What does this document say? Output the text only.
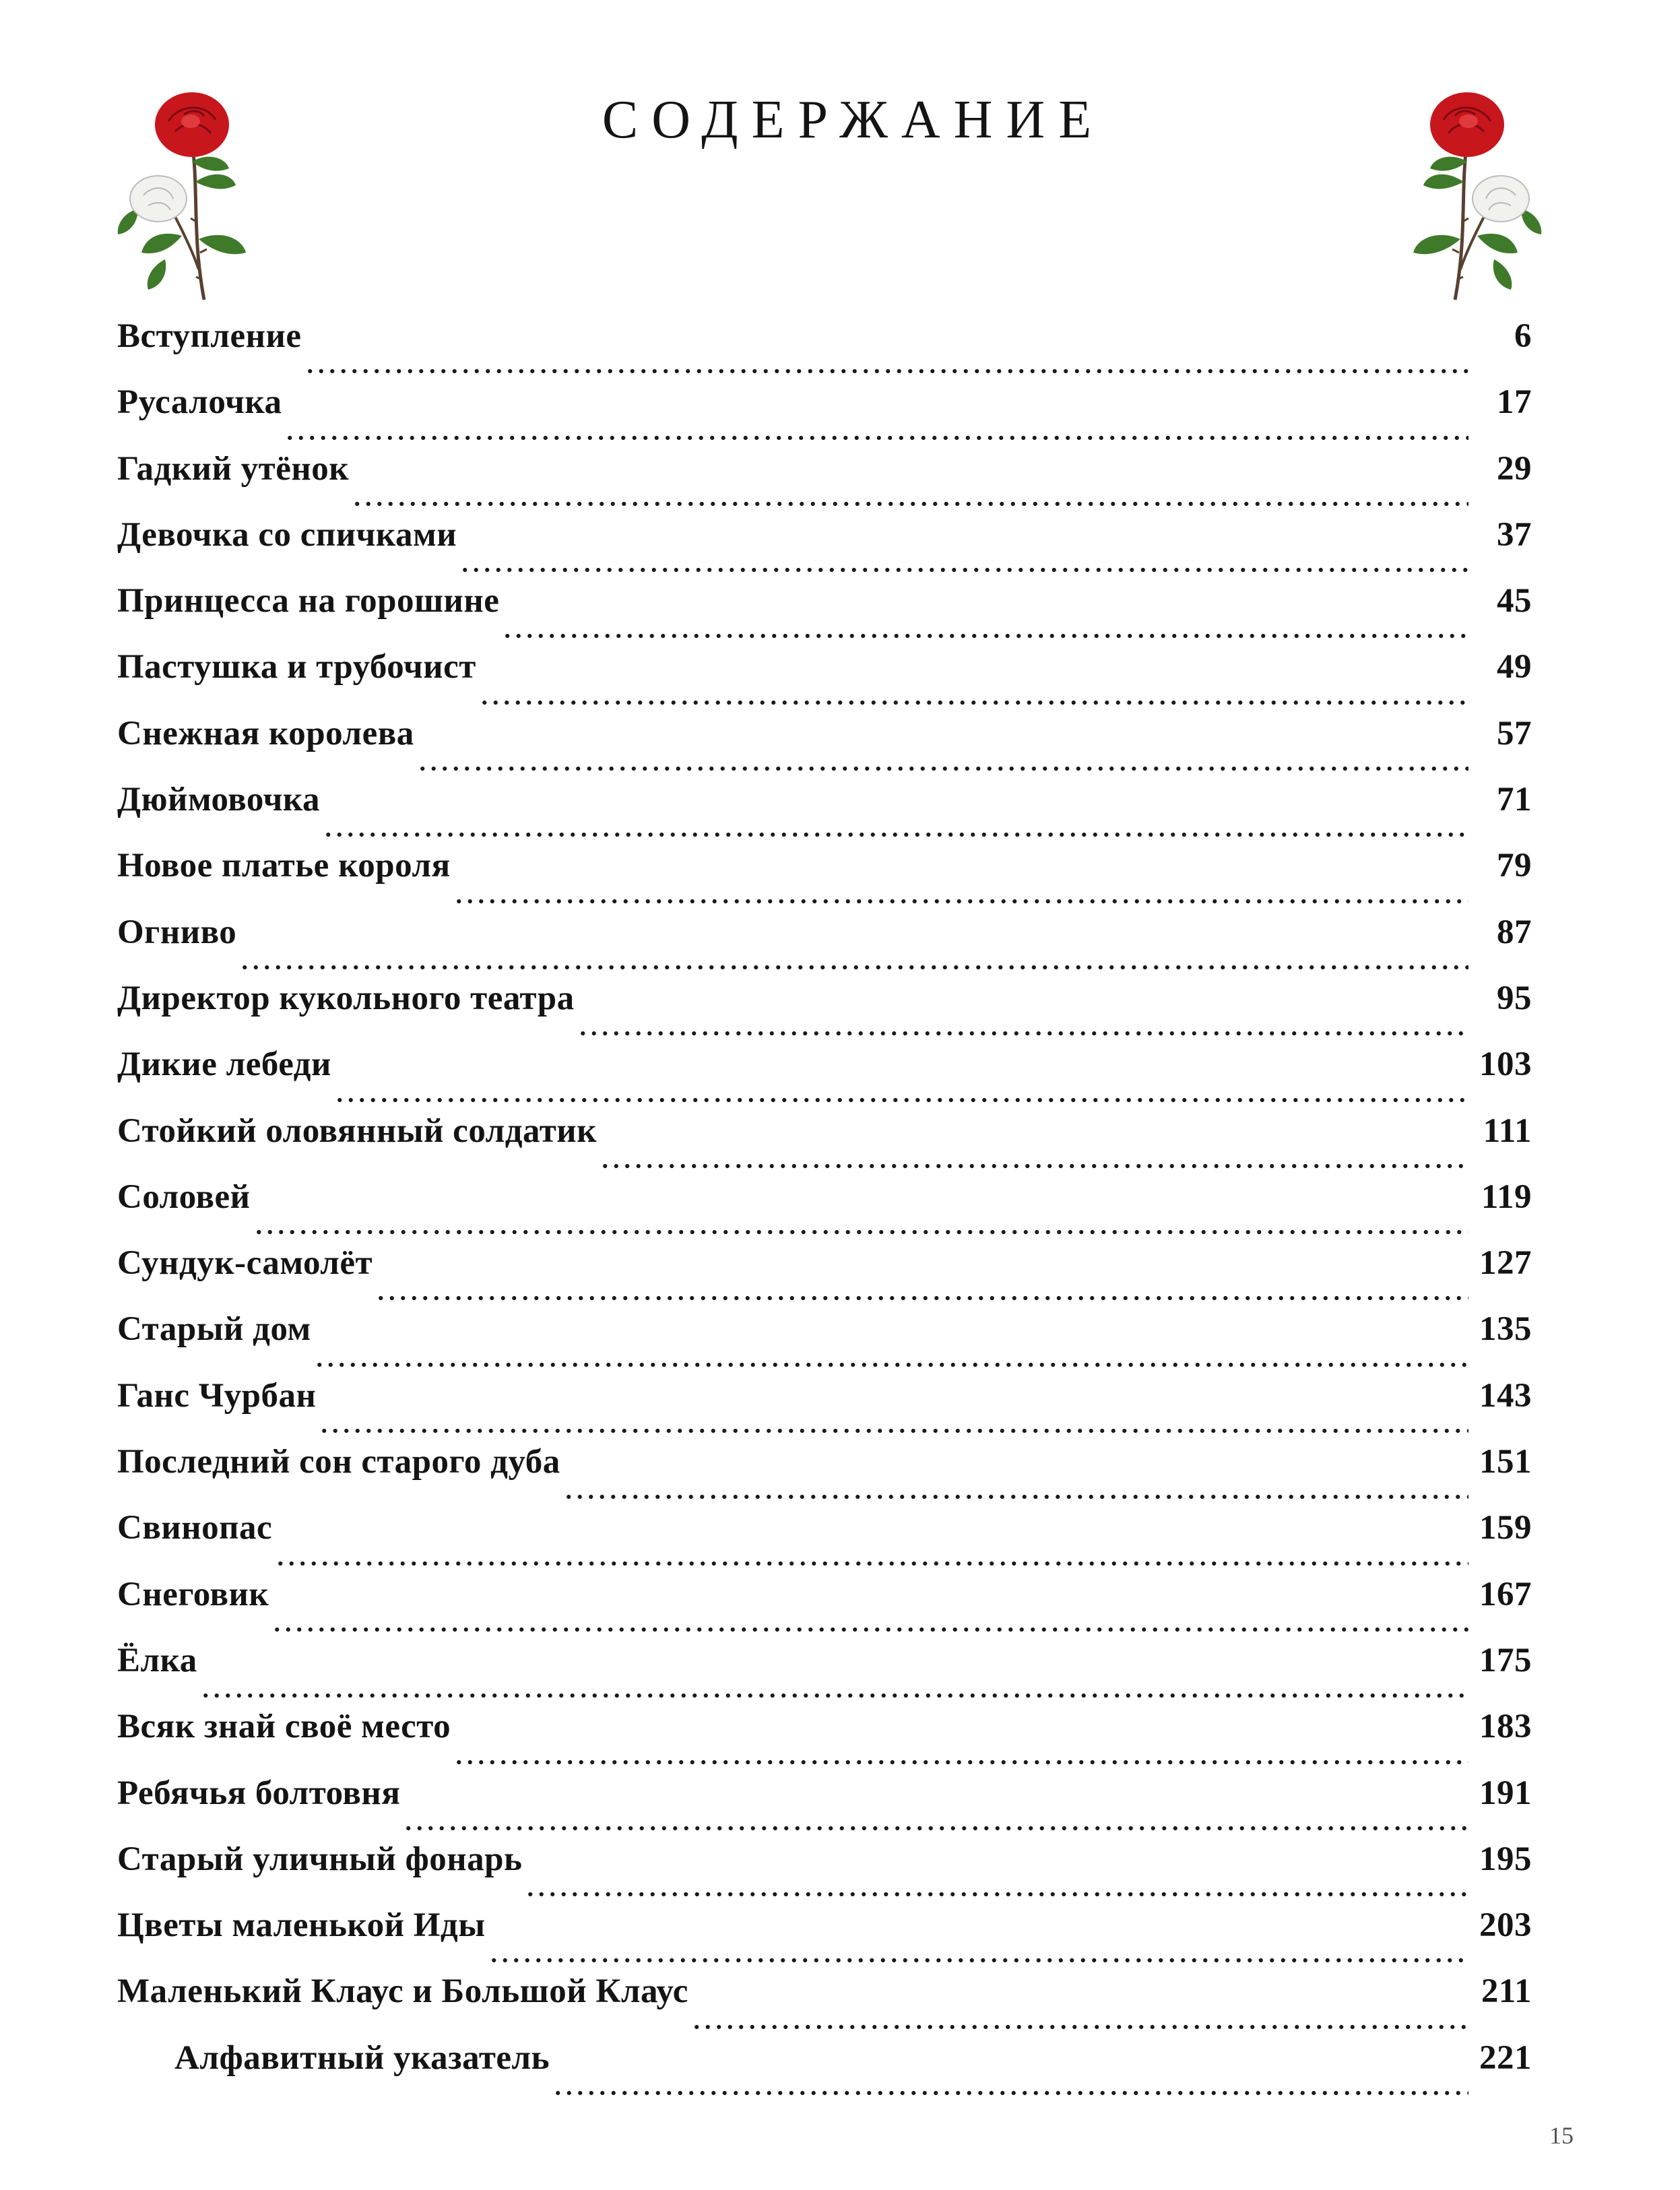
СОДЕРЖАНИЕ
Вступление	6
Русалочка	17
Гадкий утёнок	29
Девочка со спичками	37
Принцесса на горошине	45
Пастушка и трубочист	49
Снежная королева	57
Дюймовочка	71
Новое платье короля	79
Огниво	87
Директор кукольного театра	95
Дикие лебеди	103
Стойкий оловянный солдатик	111
Соловей	119
Сундук-самолёт	127
Старый дом	135
Ганс Чурбан	143
Последний сон старого дуба	151
Свинопас	159
Снеговик	167
Ёлка	175
Всяк знай своё место	183
Ребячья болтовня	191
Старый уличный фонарь	195
Цветы маленькой Иды	203
Маленький Клаус и Большой Клаус	211
Алфавитный указатель	221
15
